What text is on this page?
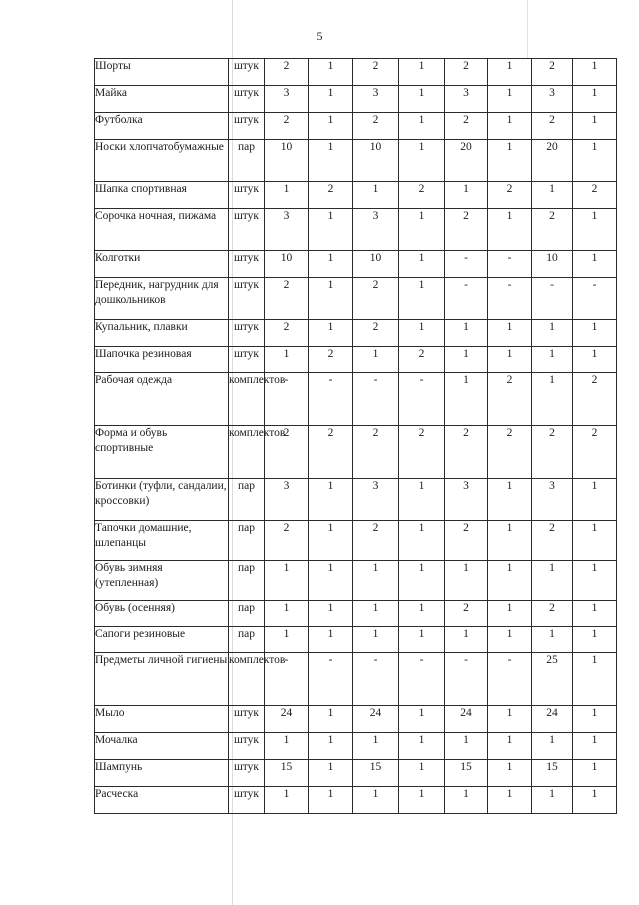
5
Шорты	штук	2	1	2	1	2	1	2	1
Майка	штук	3	1	3	1	3	1	3	1
Футболка	штук	2	1	2	1	2	1	2	1
Носки хлопчатобумажные	пар	10	1	10	1	20	1	20	1
Шапка спортивная	штук	1	2	1	2	1	2	1	2
Сорочка ночная, пижама	штук	3	1	3	1	2	1	2	1
Колготки	штук	10	1	10	1	-	-	10	1
Передник, нагрудник для дошкольников	штук	2	1	2	1	-	-	-	-
Купальник, плавки	штук	2	1	2	1	1	1	1	1
Шапочка резиновая	штук	1	2	1	2	1	1	1	1
Рабочая одежда	комплектов	-	-	-	-	1	2	1	2
Форма и обувь спортивные	комплектов	2	2	2	2	2	2	2	2
Ботинки (туфли, сандалии, кроссовки)	пар	3	1	3	1	3	1	3	1
Тапочки домашние, шлепанцы	пар	2	1	2	1	2	1	2	1
Обувь зимняя (утепленная)	пар	1	1	1	1	1	1	1	1
Обувь (осенняя)	пар	1	1	1	1	2	1	2	1
Сапоги резиновые	пар	1	1	1	1	1	1	1	1
Предметы личной гигиены	комплектов	-	-	-	-	-	-	25	1
Мыло	штук	24	1	24	1	24	1	24	1
Мочалка	штук	1	1	1	1	1	1	1	1
Шампунь	штук	15	1	15	1	15	1	15	1
Расческа	штук	1	1	1	1	1	1	1	1
